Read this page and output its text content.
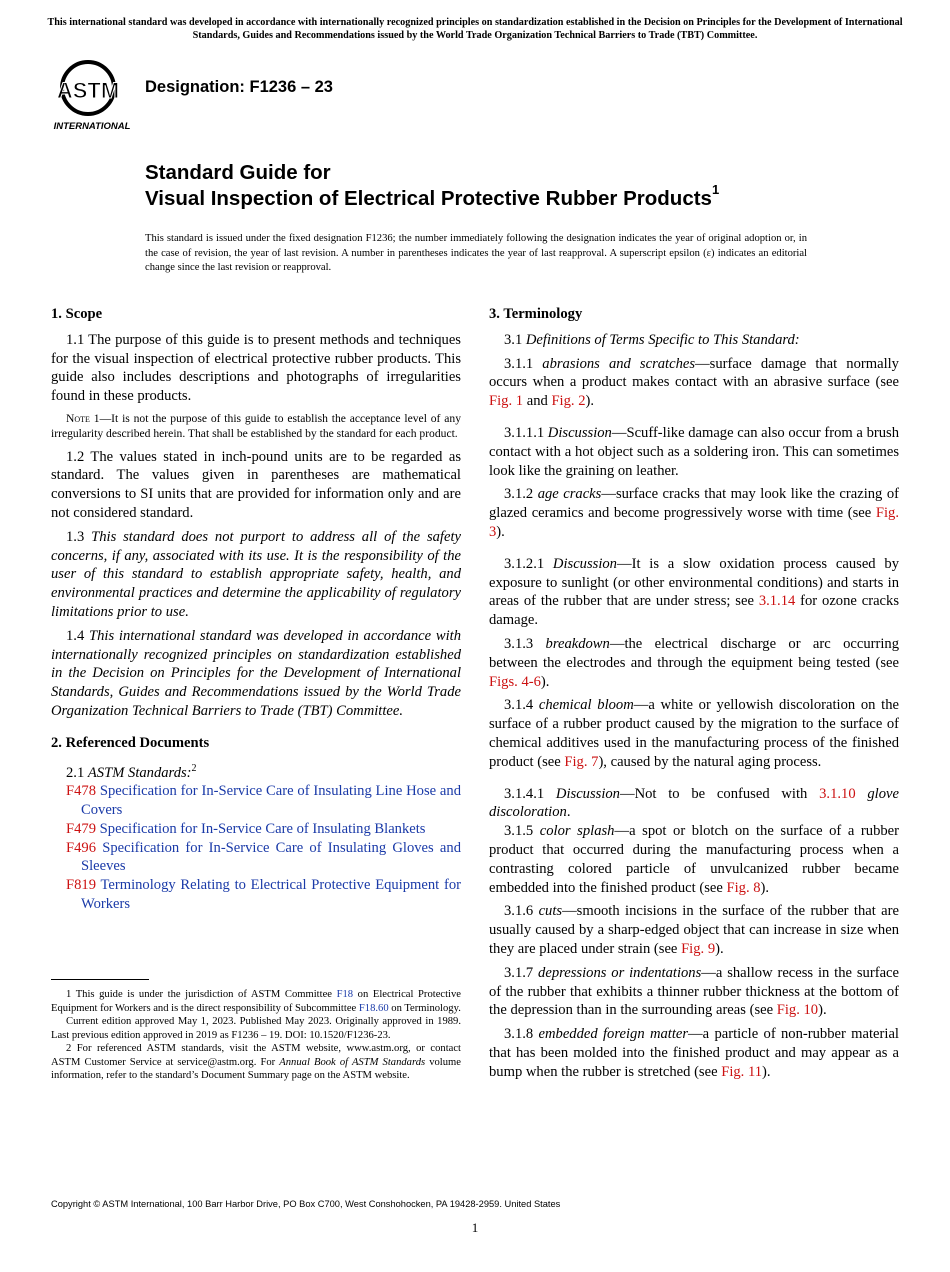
This international standard was developed in accordance with internationally recognized principles on standardization established in the Decision on Principles for the Development of International Standards, Guides and Recommendations issued by the World Trade Organization Technical Barriers to Trade (TBT) Committee.
ASTM
INTERNATIONAL
Designation: F1236 – 23
Standard Guide for
Visual Inspection of Electrical Protective Rubber Products$^1$
This standard is issued under the fixed designation F1236; the number immediately following the designation indicates the year of original adoption or, in the case of revision, the year of last revision. A number in parentheses indicates the year of last reapproval. A superscript epsilon (ε) indicates an editorial change since the last revision or reapproval.
1. Scope

1.1 The purpose of this guide is to present methods and techniques for the visual inspection of electrical protective rubber products. This guide also includes descriptions and photographs of irregularities found in these products.

Note 1—It is not the purpose of this guide to establish the acceptance level of any irregularity described herein. That shall be established by the standard for each product.

1.2 The values stated in inch-pound units are to be regarded as standard. The values given in parentheses are mathematical conversions to SI units that are provided for information only and are not considered standard.

1.3 This standard does not purport to address all of the safety concerns, if any, associated with its use. It is the responsibility of the user of this standard to establish appropriate safety, health, and environmental practices and determine the applicability of regulatory limitations prior to use.

1.4 This international standard was developed in accordance with internationally recognized principles on standardization established in the Decision on Principles for the Development of International Standards, Guides and Recommendations issued by the World Trade Organization Technical Barriers to Trade (TBT) Committee.

2. Referenced Documents

2.1 ASTM Standards:$^2$

F478 Specification for In-Service Care of Insulating Line Hose and Covers

F479 Specification for In-Service Care of Insulating Blankets

F496 Specification for In-Service Care of Insulating Gloves and Sleeves

F819 Terminology Relating to Electrical Protective Equipment for Workers

1 This guide is under the jurisdiction of ASTM Committee F18 on Electrical Protective Equipment for Workers and is the direct responsibility of Subcommittee F18.60 on Terminology.

Current edition approved May 1, 2023. Published May 2023. Originally approved in 1989. Last previous edition approved in 2019 as F1236 – 19. DOI: 10.1520/F1236-23.

2 For referenced ASTM standards, visit the ASTM website, www.astm.org, or contact ASTM Customer Service at service@astm.org. For Annual Book of ASTM Standards volume information, refer to the standard’s Document Summary page on the ASTM website.

3. Terminology

3.1 Definitions of Terms Specific to This Standard:

3.1.1 abrasions and scratches—surface damage that normally occurs when a product makes contact with an abrasive surface (see Fig. 1 and Fig. 2).

3.1.1.1 Discussion—Scuff-like damage can also occur from a brush contact with a hot object such as a soldering iron. This can sometimes look like the graining on leather.

3.1.2 age cracks—surface cracks that may look like the crazing of glazed ceramics and become progressively worse with time (see Fig. 3).

3.1.2.1 Discussion—It is a slow oxidation process caused by exposure to sunlight (or other environmental conditions) and starts in areas of the rubber that are under stress; see 3.1.14 for ozone cracks damage.

3.1.3 breakdown—the electrical discharge or arc occurring between the electrodes and through the equipment being tested (see Figs. 4-6).

3.1.4 chemical bloom—a white or yellowish discoloration on the surface of a rubber product caused by the migration to the surface of chemical additives used in the manufacturing process of the finished product (see Fig. 7), caused by the natural aging process.

3.1.4.1 Discussion—Not to be confused with 3.1.10 glove discoloration.

3.1.5 color splash—a spot or blotch on the surface of a rubber product that occurred during the manufacturing process when a contrasting colored particle of unvulcanized rubber became embedded into the finished product (see Fig. 8).

3.1.6 cuts—smooth incisions in the surface of the rubber that are usually caused by a sharp-edged object that can increase in size when they are placed under strain (see Fig. 9).

3.1.7 depressions or indentations—a shallow recess in the surface of the rubber that exhibits a thinner rubber thickness at the bottom of the depression than in the surrounding areas (see Fig. 10).

3.1.8 embedded foreign matter—a particle of non-rubber material that has been molded into the finished product and may appear as a bump when the rubber is stretched (see Fig. 11).

Copyright © ASTM International, 100 Barr Harbor Drive, PO Box C700, West Conshohocken, PA 19428-2959. United States
1
